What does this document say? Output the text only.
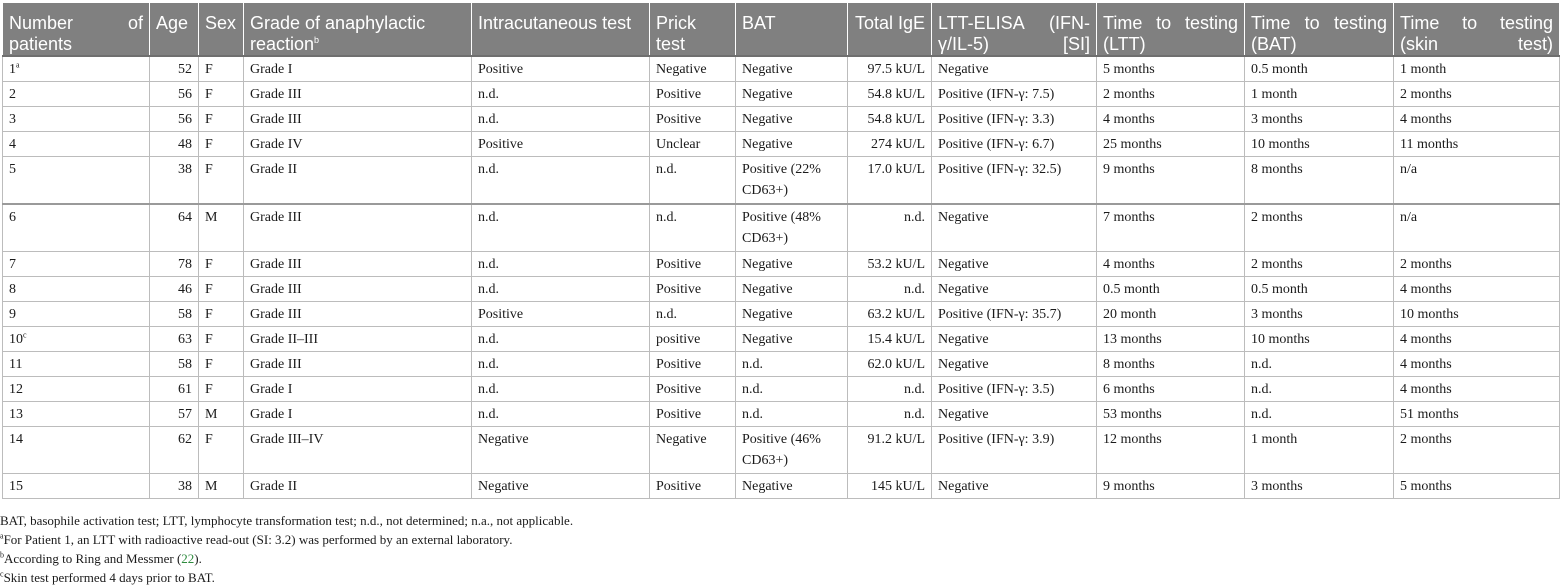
Number of patients	Age	Sex	Grade of anaphylactic reaction$^b$	Intracutaneous test	Prick test	BAT	Total IgE	LTT-ELISA (IFN-γ/IL-5) [SI]	Time to testing (LTT)	Time to testing (BAT)	Time to testing (skin test)
1$^a$	52	F	Grade I	Positive	Negative	Negative	97.5 kU/L	Negative	5 months	0.5 month	1 month
2	56	F	Grade III	n.d.	Positive	Negative	54.8 kU/L	Positive (IFN-γ: 7.5)	2 months	1 month	2 months
3	56	F	Grade III	n.d.	Positive	Negative	54.8 kU/L	Positive (IFN-γ: 3.3)	4 months	3 months	4 months
4	48	F	Grade IV	Positive	Unclear	Negative	274 kU/L	Positive (IFN-γ: 6.7)	25 months	10 months	11 months
5	38	F	Grade II	n.d.	n.d.	Positive (22% CD63+)	17.0 kU/L	Positive (IFN-γ: 32.5)	9 months	8 months	n/a
6	64	M	Grade III	n.d.	n.d.	Positive (48% CD63+)	n.d.	Negative	7 months	2 months	n/a
7	78	F	Grade III	n.d.	Positive	Negative	53.2 kU/L	Negative	4 months	2 months	2 months
8	46	F	Grade III	n.d.	Positive	Negative	n.d.	Negative	0.5 month	0.5 month	4 months
9	58	F	Grade III	Positive	n.d.	Negative	63.2 kU/L	Positive (IFN-γ: 35.7)	20 month	3 months	10 months
10$^c$	63	F	Grade II–III	n.d.	positive	Negative	15.4 kU/L	Negative	13 months	10 months	4 months
11	58	F	Grade III	n.d.	Positive	n.d.	62.0 kU/L	Negative	8 months	n.d.	4 months
12	61	F	Grade I	n.d.	Positive	n.d.	n.d.	Positive (IFN-γ: 3.5)	6 months	n.d.	4 months
13	57	M	Grade I	n.d.	Positive	n.d.	n.d.	Negative	53 months	n.d.	51 months
14	62	F	Grade III–IV	Negative	Negative	Positive (46% CD63+)	91.2 kU/L	Positive (IFN-γ: 3.9)	12 months	1 month	2 months
15	38	M	Grade II	Negative	Positive	Negative	145 kU/L	Negative	9 months	3 months	5 months
BAT, basophile activation test; LTT, lymphocyte transformation test; n.d., not determined; n.a., not applicable.
$^a$For Patient 1, an LTT with radioactive read-out (SI: 3.2) was performed by an external laboratory.
$^b$According to Ring and Messmer (22).
$^c$Skin test performed 4 days prior to BAT.
